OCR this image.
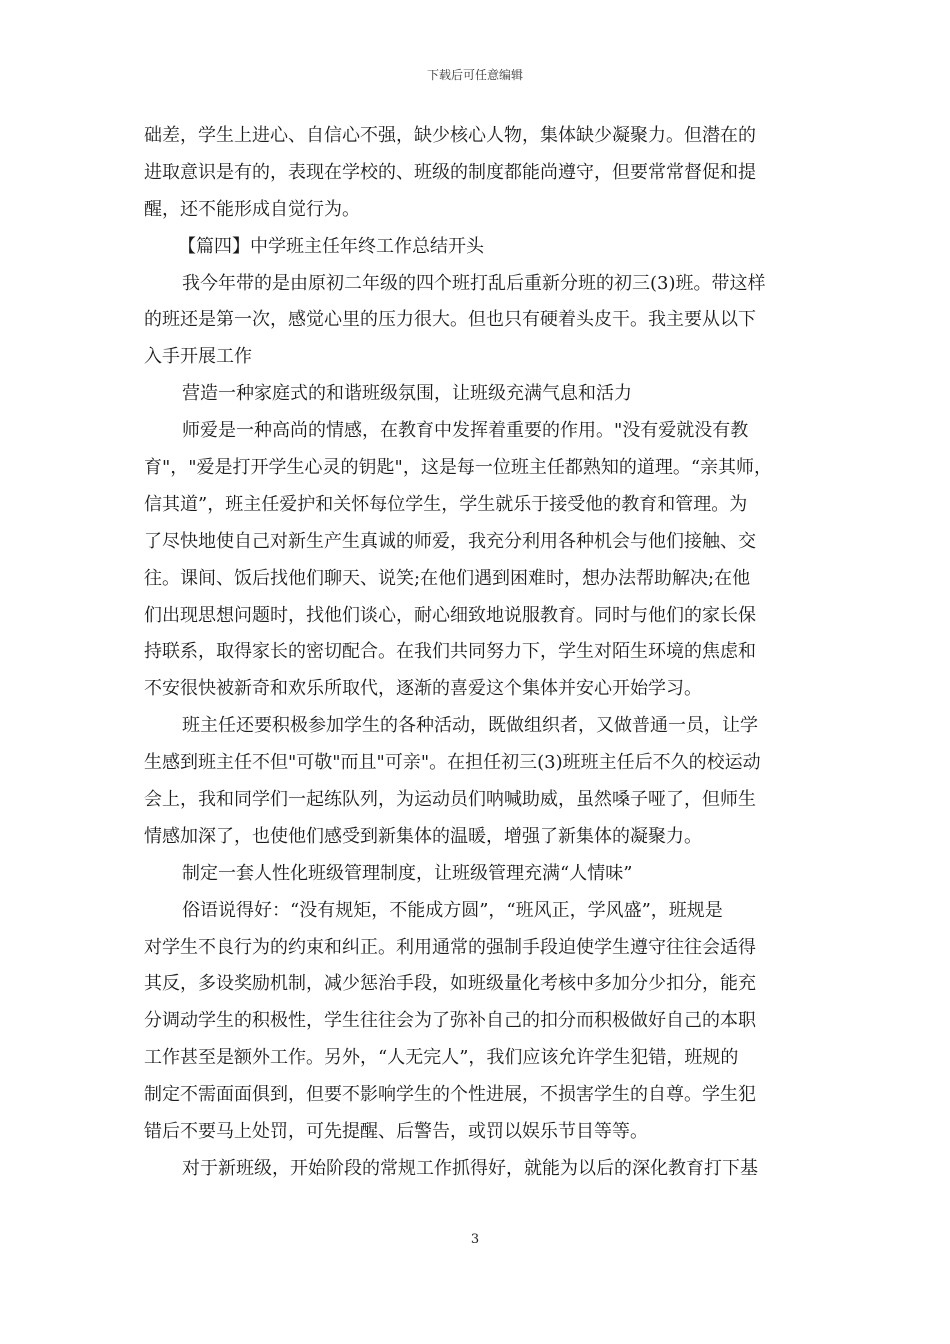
下载后可任意编辑
础差，学生上进心、自信心不强，缺少核心人物，集体缺少凝聚力。但潜在的
进取意识是有的，表现在学校的、班级的制度都能尚遵守，但要常常督促和提
醒，还不能形成自觉行为。
【篇四】中学班主任年终工作总结开头
我今年带的是由原初二年级的四个班打乱后重新分班的初三(3)班。带这样
的班还是第一次，感觉心里的压力很大。但也只有硬着头皮干。我主要从以下
入手开展工作
营造一种家庭式的和谐班级氛围，让班级充满气息和活力
师爱是一种高尚的情感，在教育中发挥着重要的作用。"没有爱就没有教
育"，"爱是打开学生心灵的钥匙"，这是每一位班主任都熟知的道理。“亲其师，
信其道”，班主任爱护和关怀每位学生，学生就乐于接受他的教育和管理。为
了尽快地使自己对新生产生真诚的师爱，我充分利用各种机会与他们接触、交
往。课间、饭后找他们聊天、说笑;在他们遇到困难时，想办法帮助解决;在他
们出现思想问题时，找他们谈心，耐心细致地说服教育。同时与他们的家长保
持联系，取得家长的密切配合。在我们共同努力下，学生对陌生环境的焦虑和
不安很快被新奇和欢乐所取代，逐渐的喜爱这个集体并安心开始学习。
班主任还要积极参加学生的各种活动，既做组织者，又做普通一员，让学
生感到班主任不但"可敬"而且"可亲"。在担任初三(3)班班主任后不久的校运动
会上，我和同学们一起练队列，为运动员们呐喊助威，虽然嗓子哑了，但师生
情感加深了，也使他们感受到新集体的温暖，增强了新集体的凝聚力。
制定一套人性化班级管理制度，让班级管理充满“人情味”
俗语说得好：“没有规矩，不能成方圆”，“班风正，学风盛”，班规是
对学生不良行为的约束和纠正。利用通常的强制手段迫使学生遵守往往会适得
其反，多设奖励机制，减少惩治手段，如班级量化考核中多加分少扣分，能充
分调动学生的积极性，学生往往会为了弥补自己的扣分而积极做好自己的本职
工作甚至是额外工作。另外，“人无完人”，我们应该允许学生犯错，班规的
制定不需面面俱到，但要不影响学生的个性进展，不损害学生的自尊。学生犯
错后不要马上处罚，可先提醒、后警告，或罚以娱乐节目等等。
对于新班级，开始阶段的常规工作抓得好，就能为以后的深化教育打下基
3
